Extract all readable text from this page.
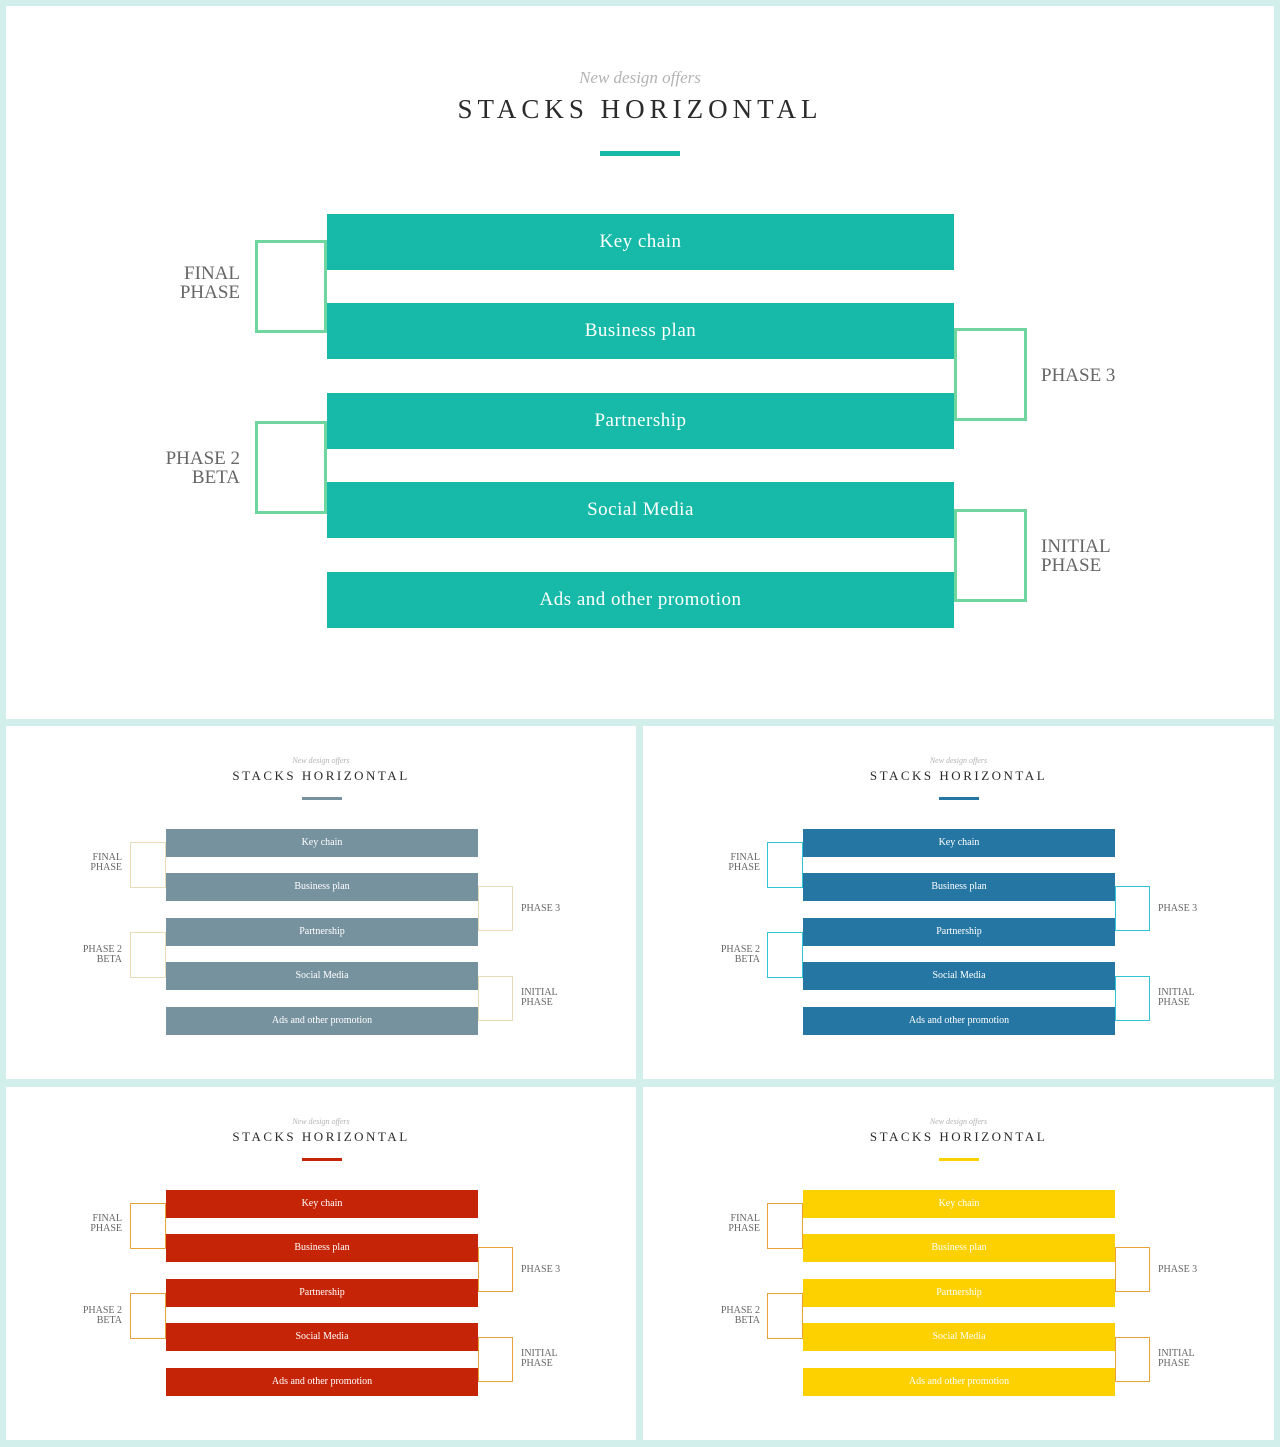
New design offers

STACKS HORIZONTAL
Key chain
Business plan
Partnership
Social Media
Ads and other promotion
FINAL
PHASE
PHASE 2
BETA
PHASE 3
INITIAL
PHASE

New design offers

STACKS HORIZONTAL
Key chain
Business plan
Partnership
Social Media
Ads and other promotion
FINAL
PHASE
PHASE 2
BETA
PHASE 3
INITIAL
PHASE

New design offers

STACKS HORIZONTAL
Key chain
Business plan
Partnership
Social Media
Ads and other promotion
FINAL
PHASE
PHASE 2
BETA
PHASE 3
INITIAL
PHASE

New design offers

STACKS HORIZONTAL
Key chain
Business plan
Partnership
Social Media
Ads and other promotion
FINAL
PHASE
PHASE 2
BETA
PHASE 3
INITIAL
PHASE

New design offers

STACKS HORIZONTAL
Key chain
Business plan
Partnership
Social Media
Ads and other promotion
FINAL
PHASE
PHASE 2
BETA
PHASE 3
INITIAL
PHASE
